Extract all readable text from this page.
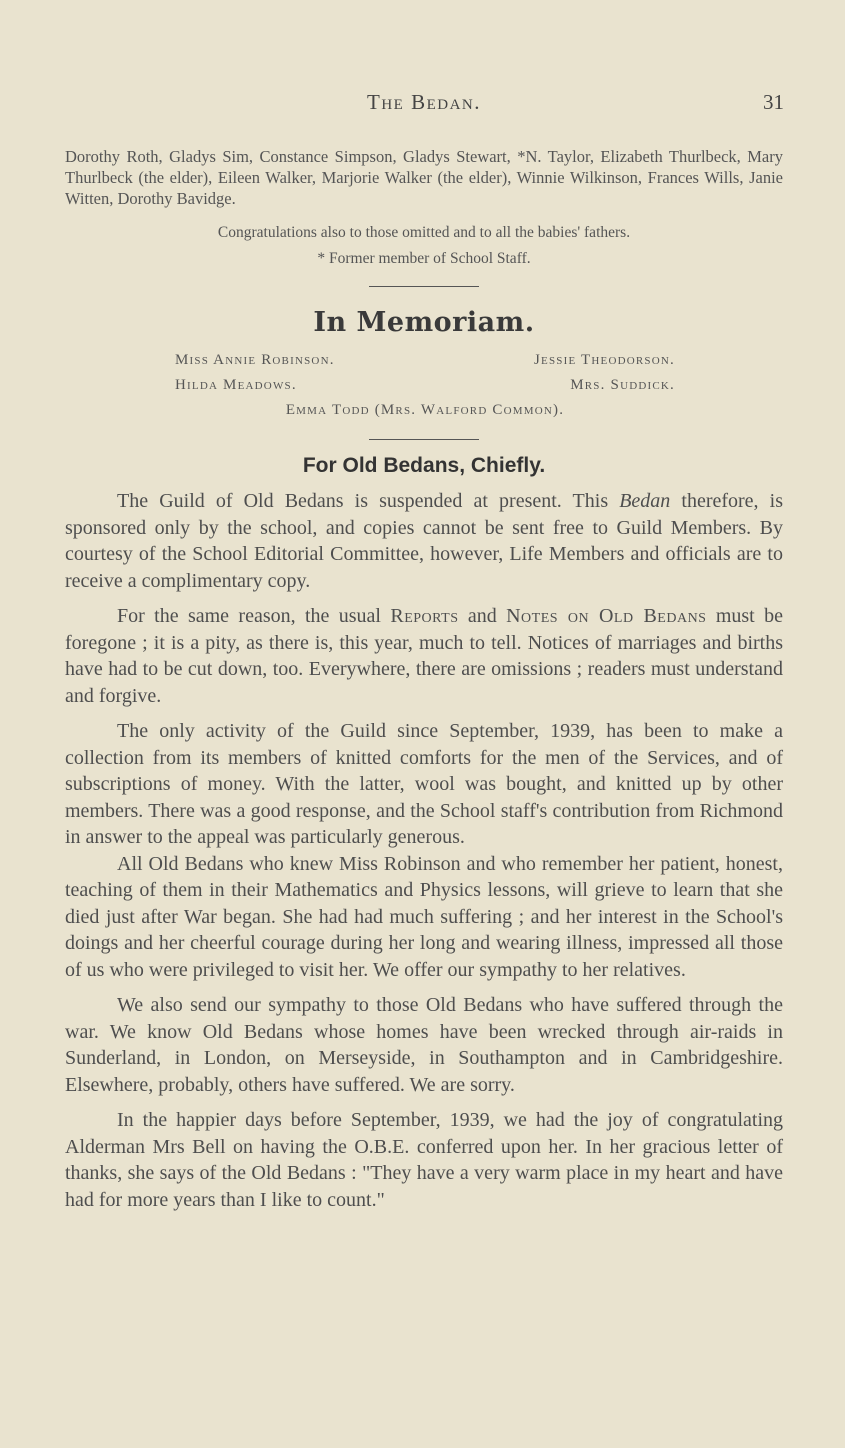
The Bedan.	31

Dorothy Roth, Gladys Sim, Constance Simpson, Gladys Stewart, *N. Taylor, Elizabeth Thurlbeck, Mary Thurlbeck (the elder), Eileen Walker, Marjorie Walker (the elder), Winnie Wilkinson, Frances Wills, Janie Witten, Dorothy Bavidge.

Congratulations also to those omitted and to all the babies' fathers.

* Former member of School Staff.

In Memoriam.
Miss Annie Robinson.	Jessie Theodorson.
Hilda Meadows.	Mrs. Suddick.
Emma Todd (Mrs. Walford Common).
For Old Bedans, Chiefly.

The Guild of Old Bedans is suspended at present. This Bedan therefore, is sponsored only by the school, and copies cannot be sent free to Guild Members. By courtesy of the School Editorial Committee, however, Life Members and officials are to receive a complimentary copy.

For the same reason, the usual Reports and Notes on Old Bedans must be foregone ; it is a pity, as there is, this year, much to tell. Notices of marriages and births have had to be cut down, too. Everywhere, there are omissions ; readers must understand and forgive.

The only activity of the Guild since September, 1939, has been to make a collection from its members of knitted comforts for the men of the Services, and of subscriptions of money. With the latter, wool was bought, and knitted up by other members. There was a good response, and the School staff's contribution from Richmond in answer to the appeal was particularly generous.

All Old Bedans who knew Miss Robinson and who remember her patient, honest, teaching of them in their Mathematics and Physics lessons, will grieve to learn that she died just after War began. She had had much suffering ; and her interest in the School's doings and her cheerful courage during her long and wearing illness, impressed all those of us who were privileged to visit her. We offer our sympathy to her relatives.

We also send our sympathy to those Old Bedans who have suffered through the war. We know Old Bedans whose homes have been wrecked through air-raids in Sunderland, in London, on Merseyside, in Southampton and in Cambridgeshire. Elsewhere, probably, others have suffered. We are sorry.

In the happier days before September, 1939, we had the joy of congratulating Alderman Mrs Bell on having the O.B.E. conferred upon her. In her gracious letter of thanks, she says of the Old Bedans : "They have a very warm place in my heart and have had for more years than I like to count."
